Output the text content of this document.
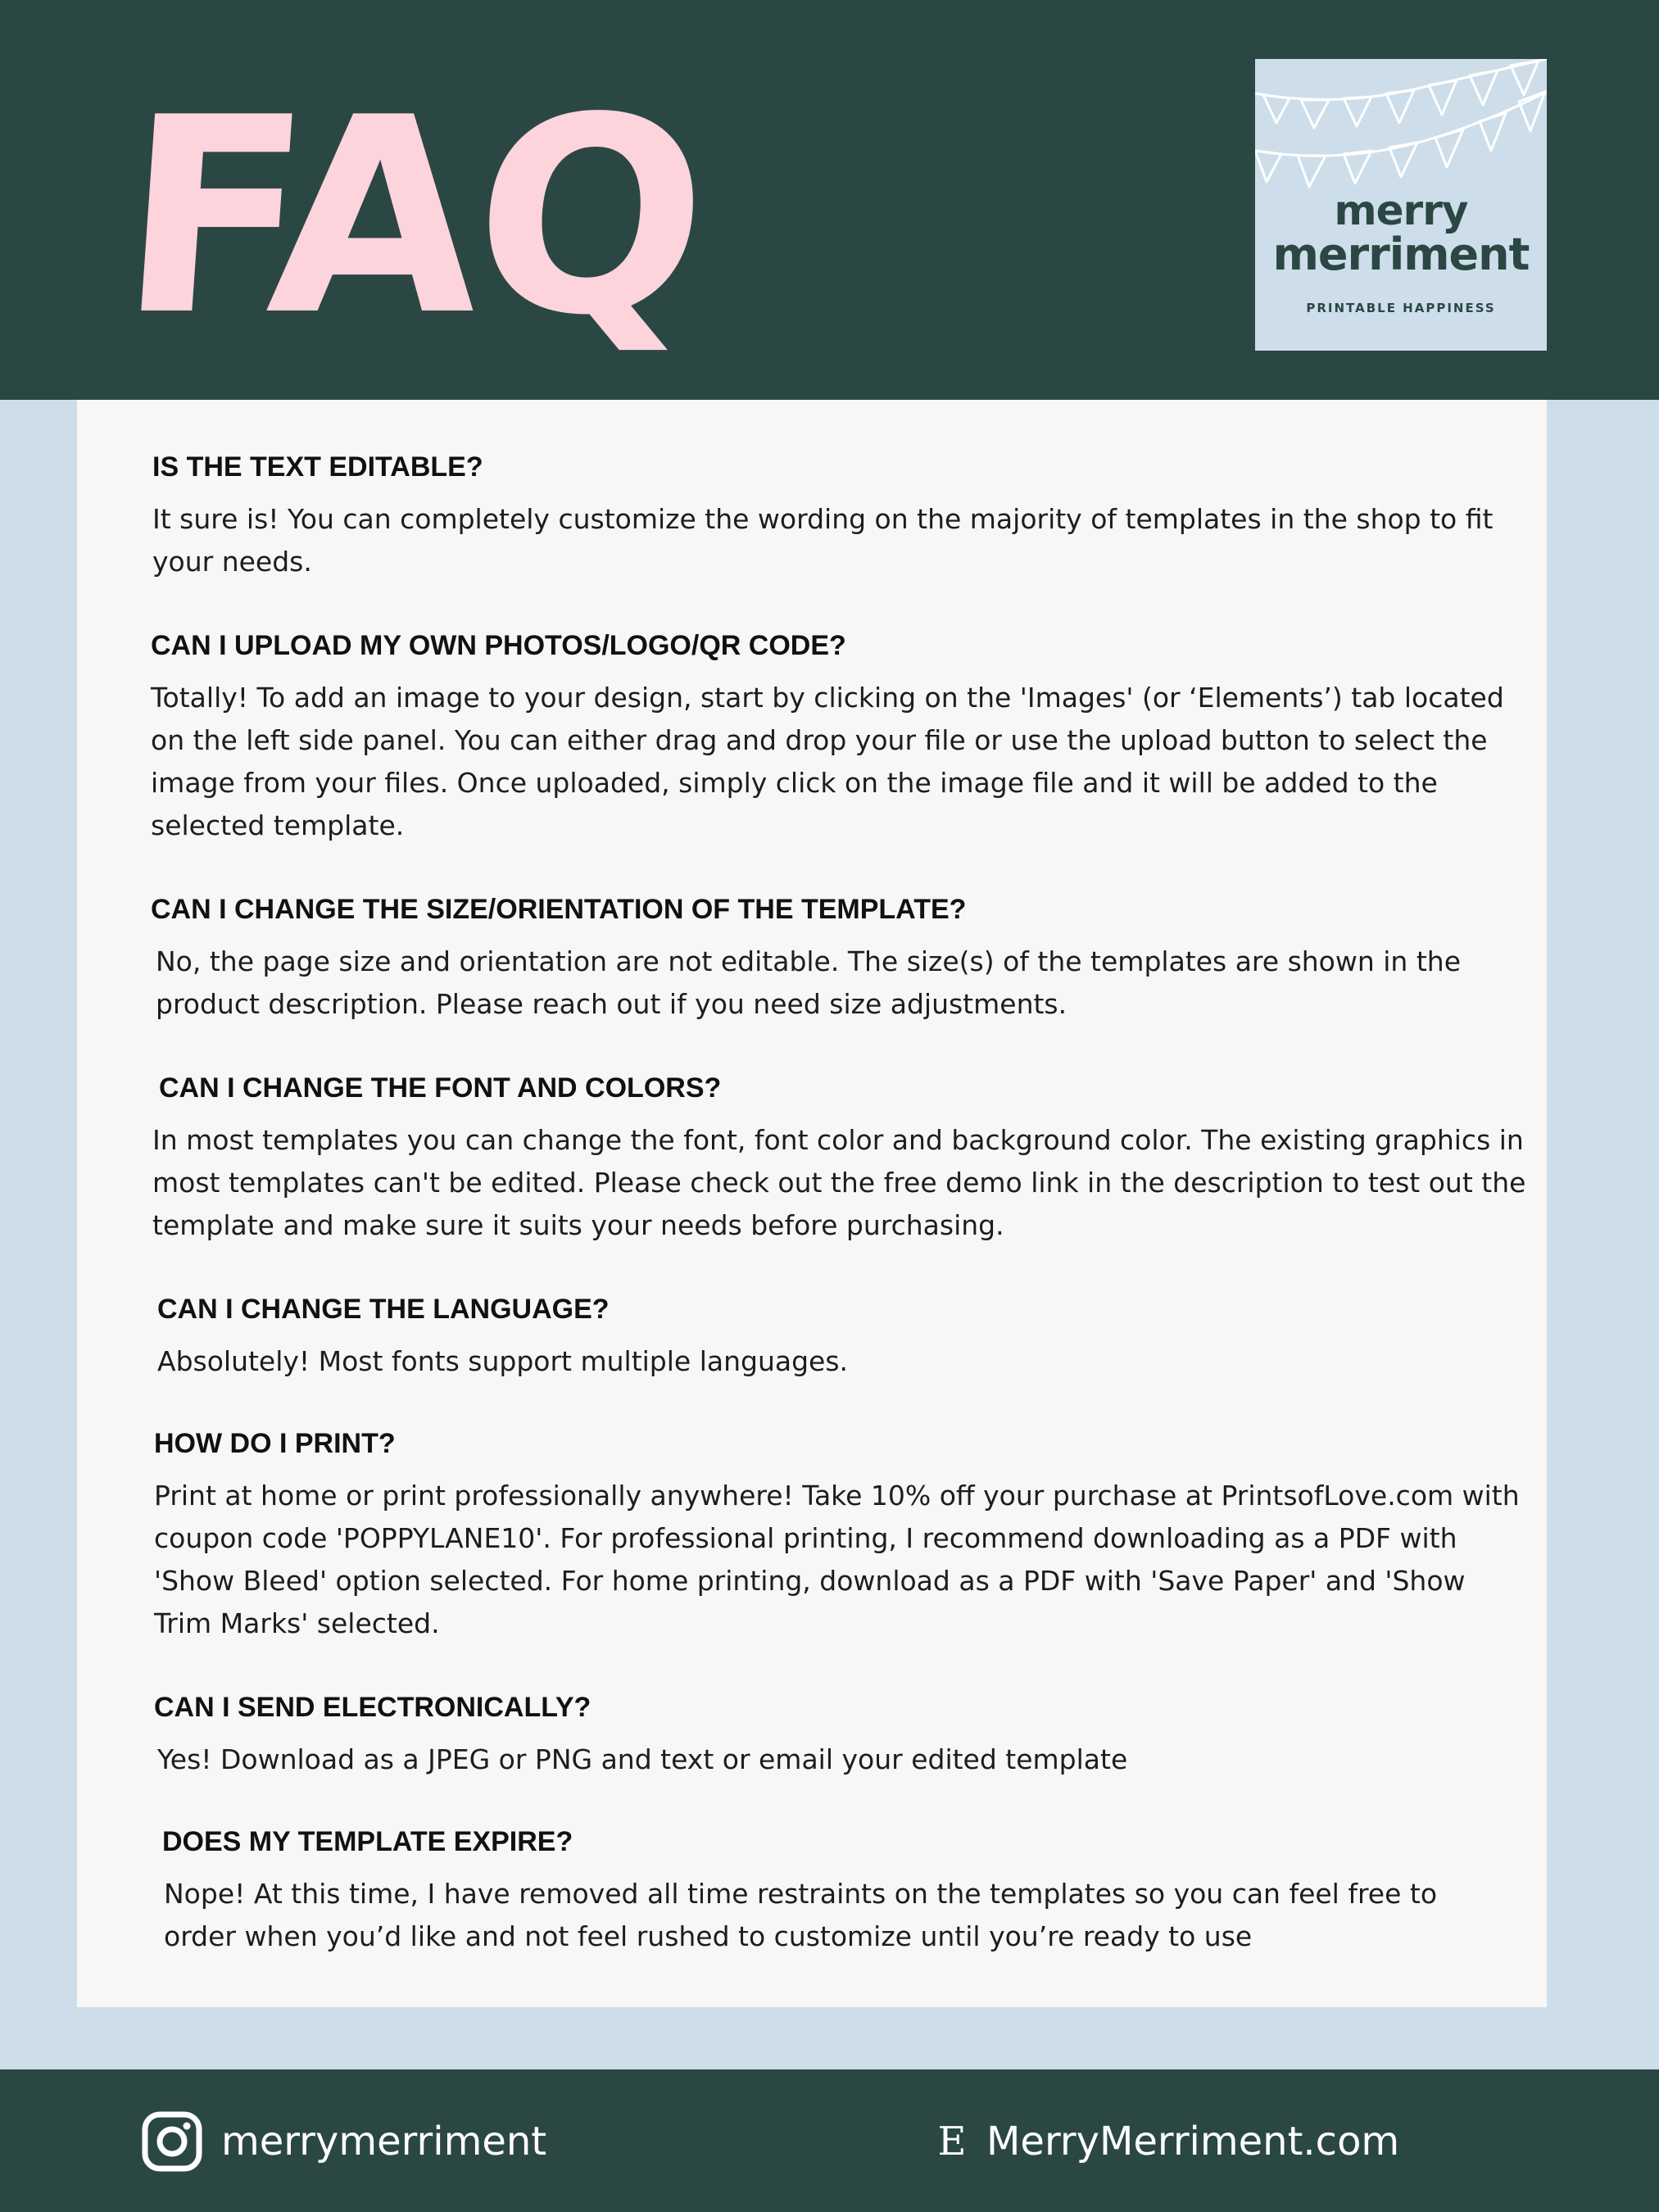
FAQ	merry
merriment
PRINTABLE HAPPINESS
IS THE TEXT EDITABLE?
It sure is! You can completely customize the wording on the majority of templates in the shop to fit your needs.
CAN I UPLOAD MY OWN PHOTOS/LOGO/QR CODE?
Totally! To add an image to your design, start by clicking on the 'Images' (or ‘Elements’) tab located on the left side panel. You can either drag and drop your file or use the upload button to select the image from your files. Once uploaded, simply click on the image file and it will be added to the selected template.
CAN I CHANGE THE SIZE/ORIENTATION OF THE TEMPLATE?
No, the page size and orientation are not editable. The size(s) of the templates are shown in the product description. Please reach out if you need size adjustments.
CAN I CHANGE THE FONT AND COLORS?
In most templates you can change the font, font color and background color. The existing graphics in most templates can't be edited. Please check out the free demo link in the description to test out the template and make sure it suits your needs before purchasing.
CAN I CHANGE THE LANGUAGE?
Absolutely! Most fonts support multiple languages.
HOW DO I PRINT?
Print at home or print professionally anywhere! Take 10% off your purchase at PrintsofLove.com with coupon code 'POPPYLANE10'. For professional printing, I recommend downloading as a PDF with 'Show Bleed' option selected. For home printing, download as a PDF with 'Save Paper' and 'Show Trim Marks' selected.
CAN I SEND ELECTRONICALLY?
Yes! Download as a JPEG or PNG and text or email your edited template
DOES MY TEMPLATE EXPIRE?
Nope! At this time, I have removed all time restraints on the templates so you can feel free to order when you’d like and not feel rushed to customize until you’re ready to use
merrymerriment	E MerryMerriment.com
